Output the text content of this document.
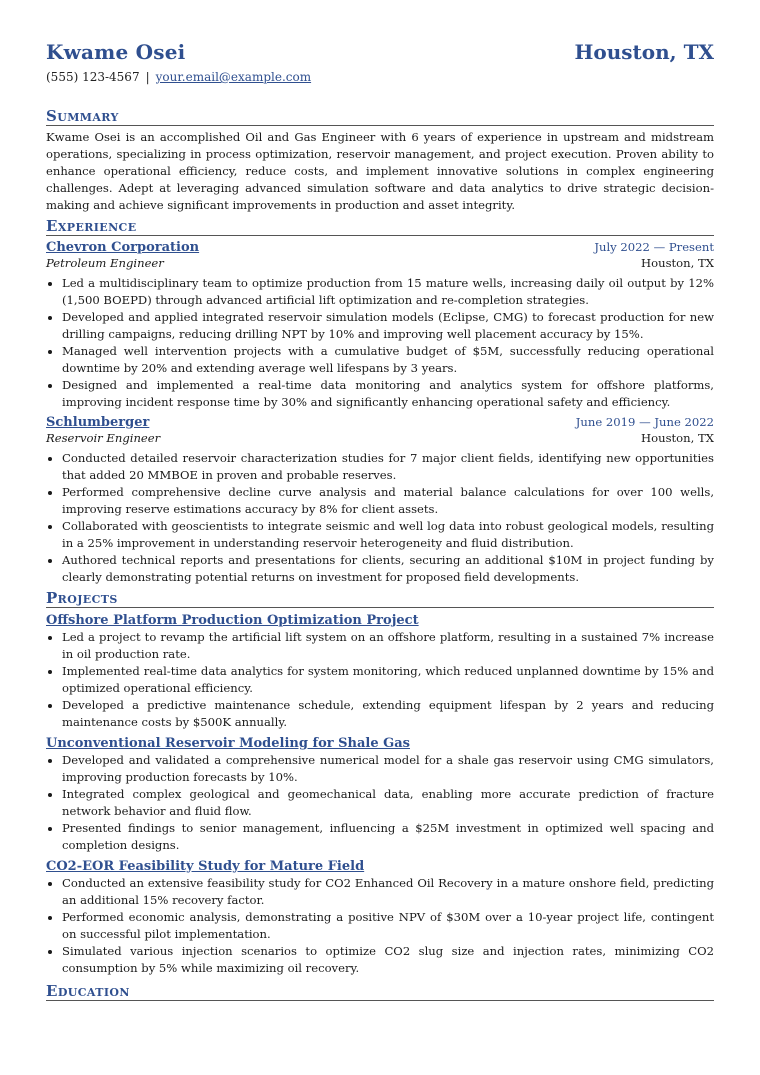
Kwame Osei	Houston, TX
(555) 123-4567 | your.email@example.com
Summary

Kwame Osei is an accomplished Oil and Gas Engineer with 6 years of experience in upstream and midstream operations, specializing in process optimization, reservoir management, and project execution. Proven ability to enhance operational efficiency, reduce costs, and implement innovative solutions in complex engineering challenges. Adept at leveraging advanced simulation software and data analytics to drive strategic decision-making and achieve significant improvements in production and asset integrity.

Experience
Chevron Corporation	July 2022 — Present
Petroleum Engineer	Houston, TX
• Led a multidisciplinary team to optimize production from 15 mature wells, increasing daily oil output by 12% (1,500 BOEPD) through advanced artificial lift optimization and re-completion strategies.
• Developed and applied integrated reservoir simulation models (Eclipse, CMG) to forecast production for new drilling campaigns, reducing drilling NPT by 10% and improving well placement accuracy by 15%.
• Managed well intervention projects with a cumulative budget of $5M, successfully reducing operational downtime by 20% and extending average well lifespans by 3 years.
• Designed and implemented a real-time data monitoring and analytics system for offshore platforms, improving incident response time by 30% and significantly enhancing operational safety and efficiency.
Schlumberger	June 2019 — June 2022
Reservoir Engineer	Houston, TX
• Conducted detailed reservoir characterization studies for 7 major client fields, identifying new opportunities that added 20 MMBOE in proven and probable reserves.
• Performed comprehensive decline curve analysis and material balance calculations for over 100 wells, improving reserve estimations accuracy by 8% for client assets.
• Collaborated with geoscientists to integrate seismic and well log data into robust geological models, resulting in a 25% improvement in understanding reservoir heterogeneity and fluid distribution.
• Authored technical reports and presentations for clients, securing an additional $10M in project funding by clearly demonstrating potential returns on investment for proposed field developments.
Projects
Offshore Platform Production Optimization Project
• Led a project to revamp the artificial lift system on an offshore platform, resulting in a sustained 7% increase in oil production rate.
• Implemented real-time data analytics for system monitoring, which reduced unplanned downtime by 15% and optimized operational efficiency.
• Developed a predictive maintenance schedule, extending equipment lifespan by 2 years and reducing maintenance costs by $500K annually.
Unconventional Reservoir Modeling for Shale Gas
• Developed and validated a comprehensive numerical model for a shale gas reservoir using CMG simulators, improving production forecasts by 10%.
• Integrated complex geological and geomechanical data, enabling more accurate prediction of fracture network behavior and fluid flow.
• Presented findings to senior management, influencing a $25M investment in optimized well spacing and completion designs.
CO2-EOR Feasibility Study for Mature Field
• Conducted an extensive feasibility study for CO2 Enhanced Oil Recovery in a mature onshore field, predicting an additional 15% recovery factor.
• Performed economic analysis, demonstrating a positive NPV of $30M over a 10-year project life, contingent on successful pilot implementation.
• Simulated various injection scenarios to optimize CO2 slug size and injection rates, minimizing CO2 consumption by 5% while maximizing oil recovery.
Education
